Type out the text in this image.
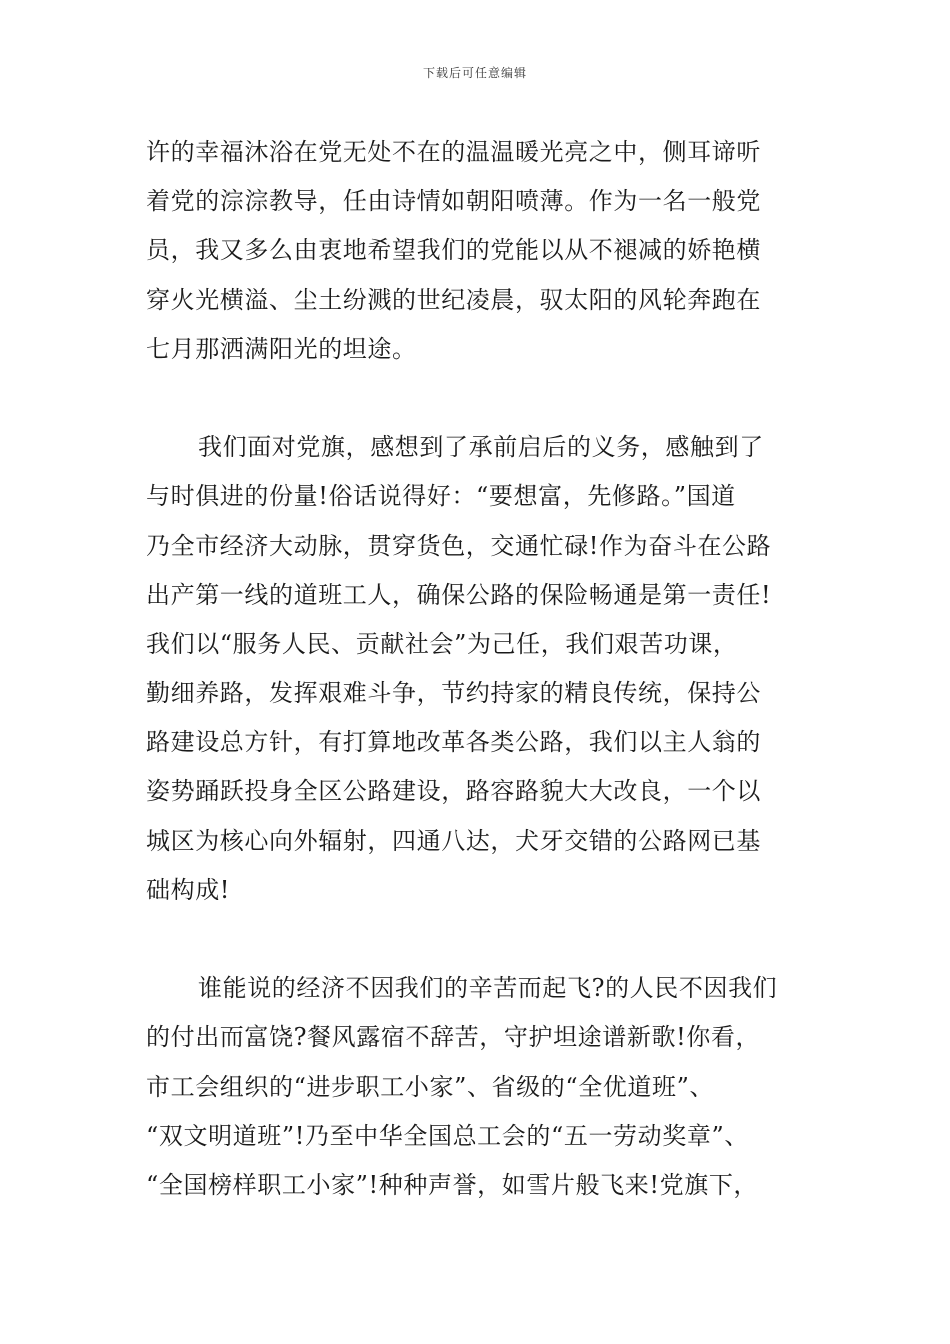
下载后可任意编辑
许的幸福沐浴在党无处不在的温温暖光亮之中，侧耳谛听
着党的淙淙教导，任由诗情如朝阳喷薄。作为一名一般党
员，我又多么由衷地希望我们的党能以从不褪减的娇艳横
穿火光横溢、尘土纷溅的世纪凌晨，驭太阳的风轮奔跑在
七月那洒满阳光的坦途。
我们面对党旗，感想到了承前启后的义务，感触到了
与时俱进的份量!俗话说得好：“要想富，先修路。”国道
乃全市经济大动脉，贯穿货色，交通忙碌!作为奋斗在公路
出产第一线的道班工人，确保公路的保险畅通是第一责任!
我们以“服务人民、贡献社会”为己任，我们艰苦功课，
勤细养路，发挥艰难斗争，节约持家的精良传统，保持公
路建设总方针，有打算地改革各类公路，我们以主人翁的
姿势踊跃投身全区公路建设，路容路貌大大改良，一个以
城区为核心向外辐射，四通八达，犬牙交错的公路网已基
础构成!
谁能说的经济不因我们的辛苦而起飞?的人民不因我们
的付出而富饶?餐风露宿不辞苦，守护坦途谱新歌!你看，
市工会组织的“进步职工小家”、省级的“全优道班”、
“双文明道班”!乃至中华全国总工会的“五一劳动奖章”、
“全国榜样职工小家”!种种声誉，如雪片般飞来!党旗下，
